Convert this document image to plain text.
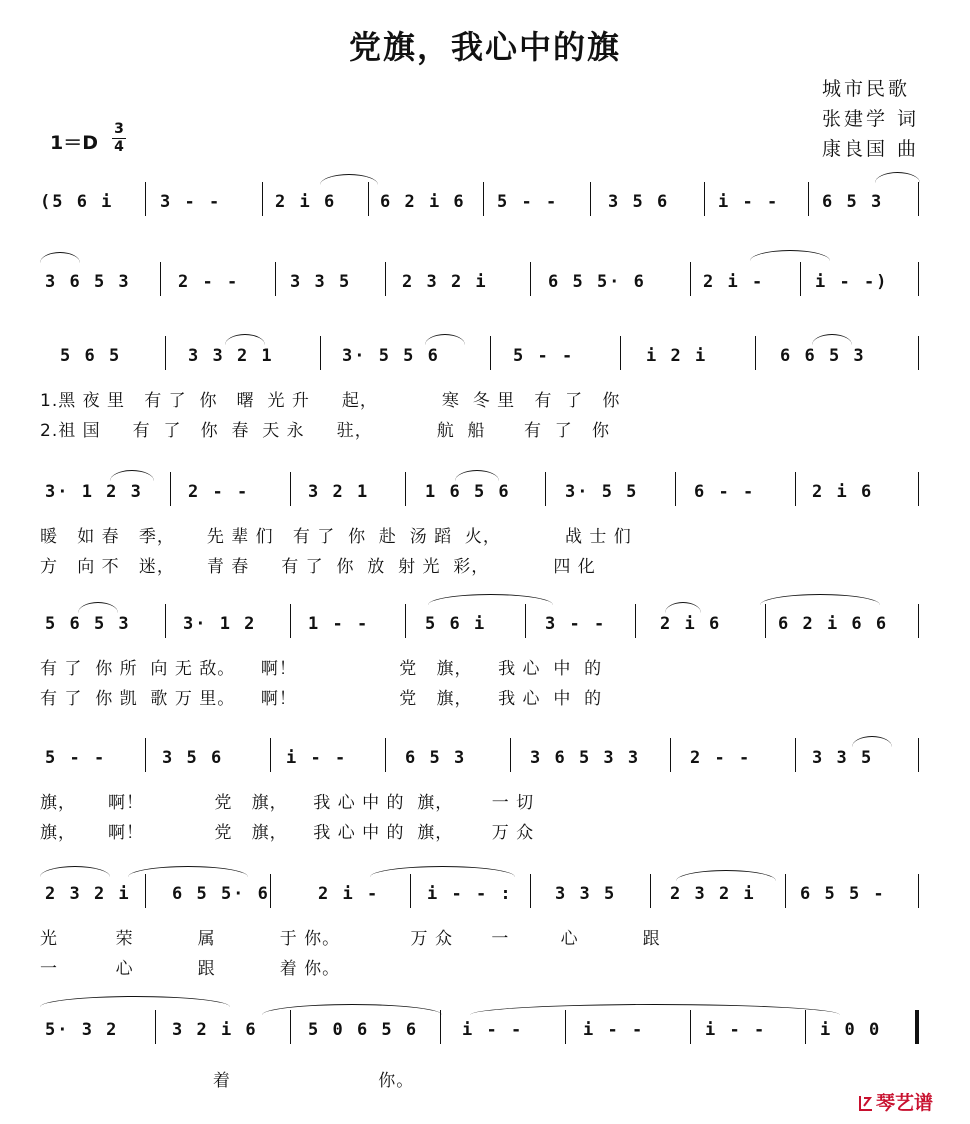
党旗，我心中的旗
城市民歌
张建学 词
康良国 曲
1＝D
3
4
(5 6 i	3 - -	2 i 6	6 2 i 6 5 - -	3 5 6	i - -	6 5 3
3 6 5 3	2 - -	3 3 5	2 3 2 i	6 5 5· 6	2 i -	i - -)
5 6 5	3 3 2 1	3· 5 5 6	5 - -	i 2 i	6 6 5 3
1.黑 夜 里   有 了  你   曙  光 升     起，          寒  冬 里   有  了   你
2.祖 国     有  了   你  春  天 永     驻，          航  船      有  了   你
3· 1 2 3	2 - -	3 2 1	1 6 5 6	3· 5 5	6 - -	2 i 6
暖   如 春   季，     先 辈 们   有 了  你  赴  汤 蹈  火，          战 士 们
方   向 不   迷，     青 春     有 了  你  放  射 光  彩，          四 化
5 6 5 3	3· 1 2	1 - -	5 6 i	3 - -	2 i 6	6 2 i 6 6
有 了  你 所  向 无 敌。    啊！                党   旗，    我 心  中  的
有 了  你 凯  歌 万 里。    啊！                党   旗，    我 心  中  的
5 - -	3 5 6	i - -	6 5 3	3 6 5 3 3	2 - -	3 3 5
旗，     啊！           党   旗，    我 心 中 的  旗，      一 切
旗，     啊！           党   旗，    我 心 中 的  旗，      万 众
2 3 2 i 6 5 5· 6	2 i -	i - - : 3 3 5	2 3 2 i	6 5 5 -
光         荣          属          于 你。           万 众      一        心          跟
一         心          跟          着 你。
5· 3 2	3 2 i 6	5 0 6 5 6	i - -	i - -	i - -	i 0 0
着                       你。
琴艺谱
